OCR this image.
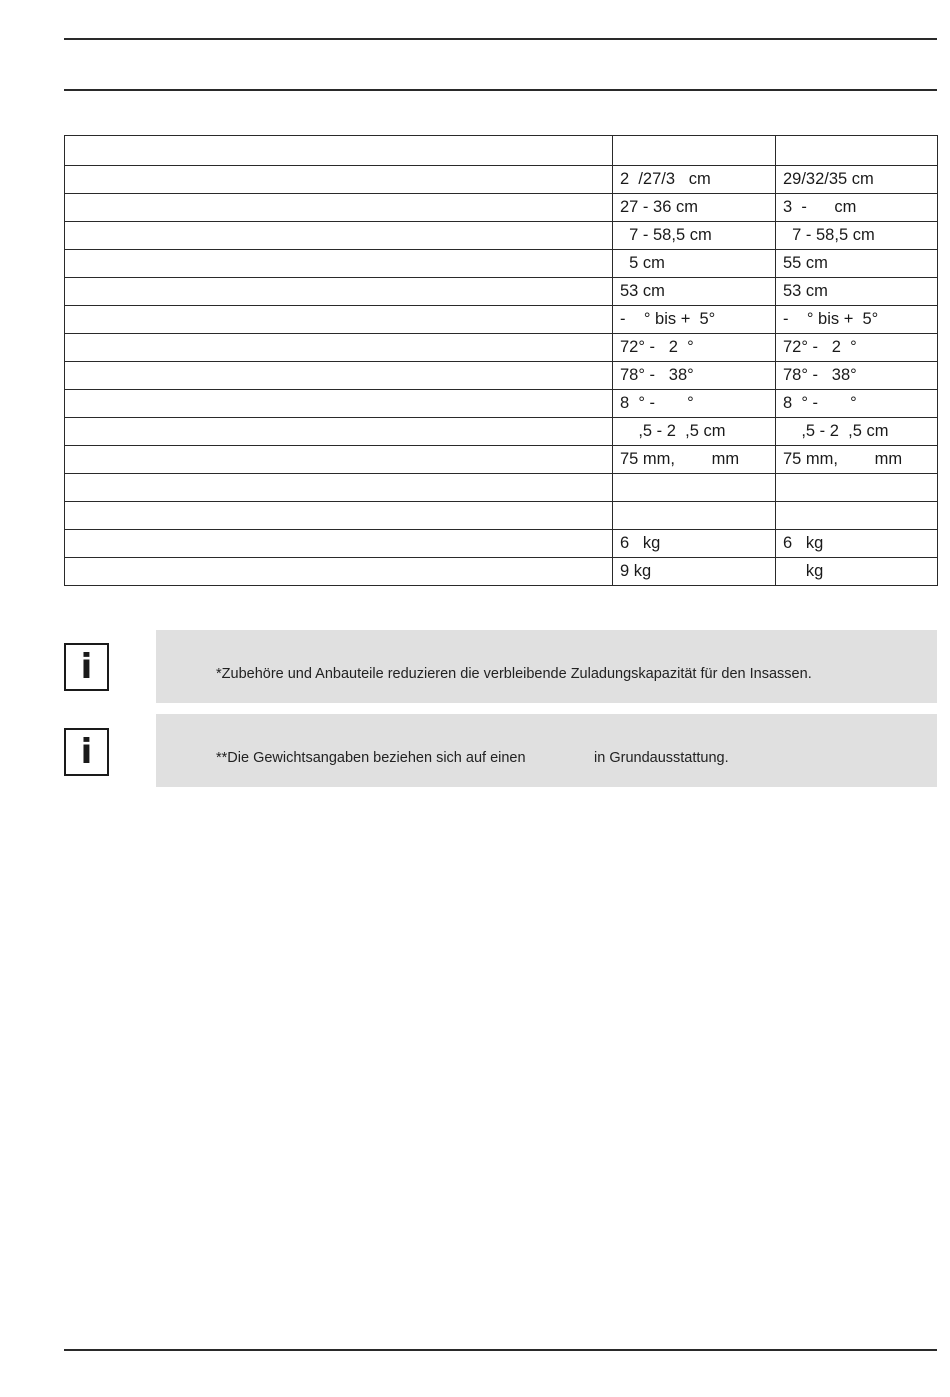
	2  /27/3   cm	29/32/35 cm
	27 - 36 cm	3  -      cm
	7 - 58,5 cm	7 - 58,5 cm
	5 cm	55 cm
	53 cm	53 cm
	-    ° bis +  5°	-    ° bis +  5°
	72° -   2  °	72° -   2  °
	78° -   38°	78° -   38°
	8  ° -       °	8  ° -       °
	,5 - 2  ,5 cm	,5 - 2  ,5 cm
	75 mm,        mm	75 mm,        mm

	6   kg	6   kg
	9 kg	kg
i	*Zubehöre und Anbauteile reduzieren die verbleibende Zuladungskapazität für den Insassen.
i	**Die Gewichtsangaben beziehen sich auf einen                 in Grundausstattung.
